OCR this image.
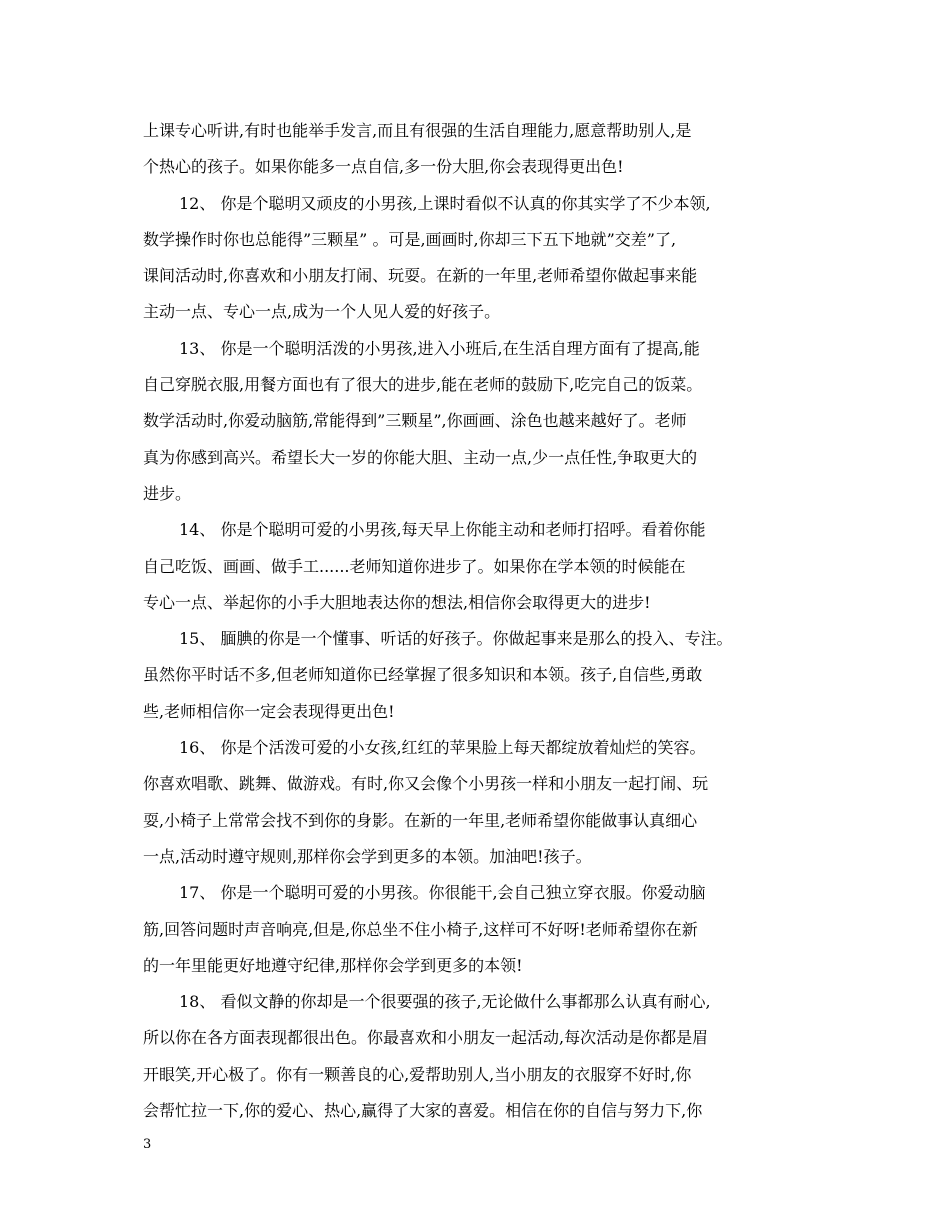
上课专心听讲,有时也能举手发言,而且有很强的生活自理能力,愿意帮助别人,是
个热心的孩子。如果你能多一点自信,多一份大胆,你会表现得更出色!
12、 你是个聪明又顽皮的小男孩,上课时看似不认真的你其实学了不少本领,
数学操作时你也总能得”三颗星” 。可是,画画时,你却三下五下地就”交差”了,
课间活动时,你喜欢和小朋友打闹、玩耍。在新的一年里,老师希望你做起事来能
主动一点、专心一点,成为一个人见人爱的好孩子。
13、 你是一个聪明活泼的小男孩,进入小班后,在生活自理方面有了提高,能
自己穿脱衣服,用餐方面也有了很大的进步,能在老师的鼓励下,吃完自己的饭菜。
数学活动时,你爱动脑筋,常能得到”三颗星”,你画画、涂色也越来越好了。老师
真为你感到高兴。希望长大一岁的你能大胆、主动一点,少一点任性,争取更大的
进步。
14、 你是个聪明可爱的小男孩,每天早上你能主动和老师打招呼。看着你能
自己吃饭、画画、做手工......老师知道你进步了。如果你在学本领的时候能在
专心一点、举起你的小手大胆地表达你的想法,相信你会取得更大的进步!
15、 腼腆的你是一个懂事、听话的好孩子。你做起事来是那么的投入、专注。
虽然你平时话不多,但老师知道你已经掌握了很多知识和本领。孩子,自信些,勇敢
些,老师相信你一定会表现得更出色!
16、 你是个活泼可爱的小女孩,红红的苹果脸上每天都绽放着灿烂的笑容。
你喜欢唱歌、跳舞、做游戏。有时,你又会像个小男孩一样和小朋友一起打闹、玩
耍,小椅子上常常会找不到你的身影。在新的一年里,老师希望你能做事认真细心
一点,活动时遵守规则,那样你会学到更多的本领。加油吧!孩子。
17、 你是一个聪明可爱的小男孩。你很能干,会自己独立穿衣服。你爱动脑
筋,回答问题时声音响亮,但是,你总坐不住小椅子,这样可不好呀!老师希望你在新
的一年里能更好地遵守纪律,那样你会学到更多的本领!
18、 看似文静的你却是一个很要强的孩子,无论做什么事都那么认真有耐心,
所以你在各方面表现都很出色。你最喜欢和小朋友一起活动,每次活动是你都是眉
开眼笑,开心极了。你有一颗善良的心,爱帮助别人,当小朋友的衣服穿不好时,你
会帮忙拉一下,你的爱心、热心,赢得了大家的喜爱。相信在你的自信与努力下,你
3
